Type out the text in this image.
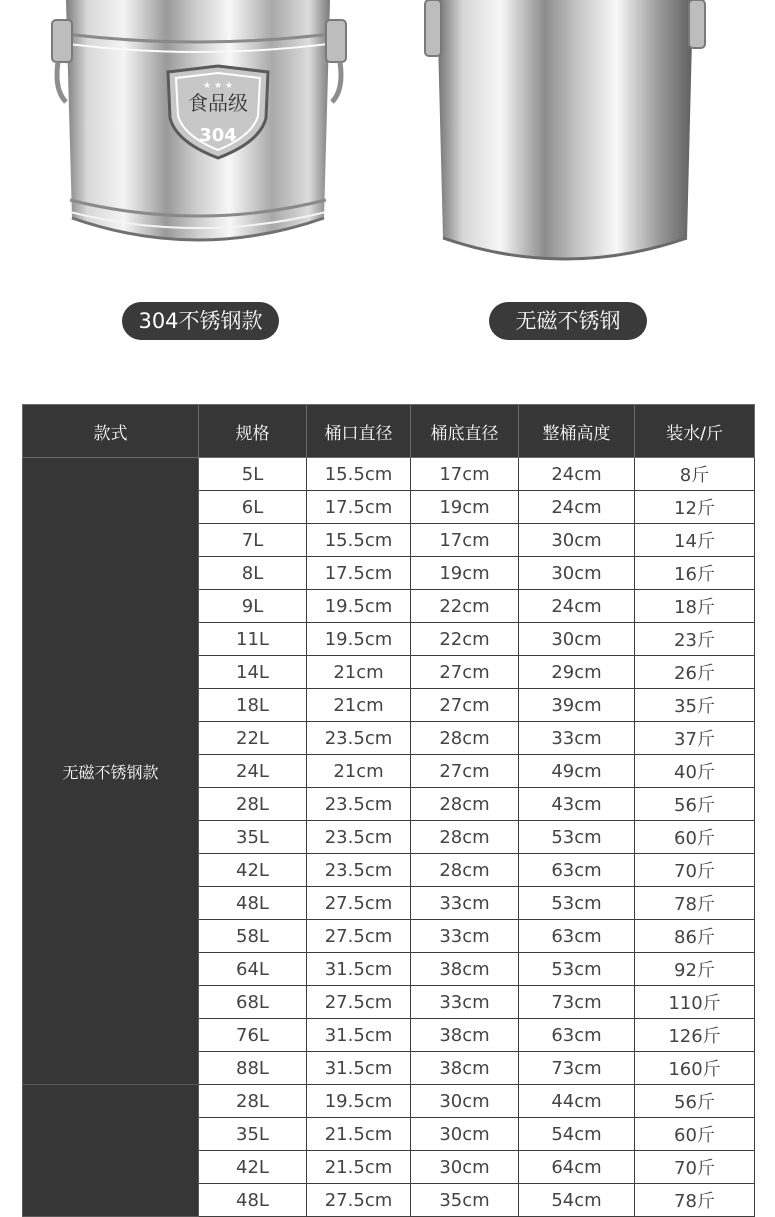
食品级
304
★ ★ ★
304不锈钢款	无磁不锈钢
款式	规格	桶口直径	桶底直径	整桶高度	装水/斤
无磁不锈钢款	5L	15.5cm	17cm	24cm	8斤
	6L	17.5cm	19cm	24cm	12斤
	7L	15.5cm	17cm	30cm	14斤
	8L	17.5cm	19cm	30cm	16斤
	9L	19.5cm	22cm	24cm	18斤
	11L	19.5cm	22cm	30cm	23斤
	14L	21cm	27cm	29cm	26斤
	18L	21cm	27cm	39cm	35斤
	22L	23.5cm	28cm	33cm	37斤
	24L	21cm	27cm	49cm	40斤
	28L	23.5cm	28cm	43cm	56斤
	35L	23.5cm	28cm	53cm	60斤
	42L	23.5cm	28cm	63cm	70斤
	48L	27.5cm	33cm	53cm	78斤
	58L	27.5cm	33cm	63cm	86斤
	64L	31.5cm	38cm	53cm	92斤
	68L	27.5cm	33cm	73cm	110斤
	76L	31.5cm	38cm	63cm	126斤
	88L	31.5cm	38cm	73cm	160斤
	28L	19.5cm	30cm	44cm	56斤
	35L	21.5cm	30cm	54cm	60斤
	42L	21.5cm	30cm	64cm	70斤
	48L	27.5cm	35cm	54cm	78斤
